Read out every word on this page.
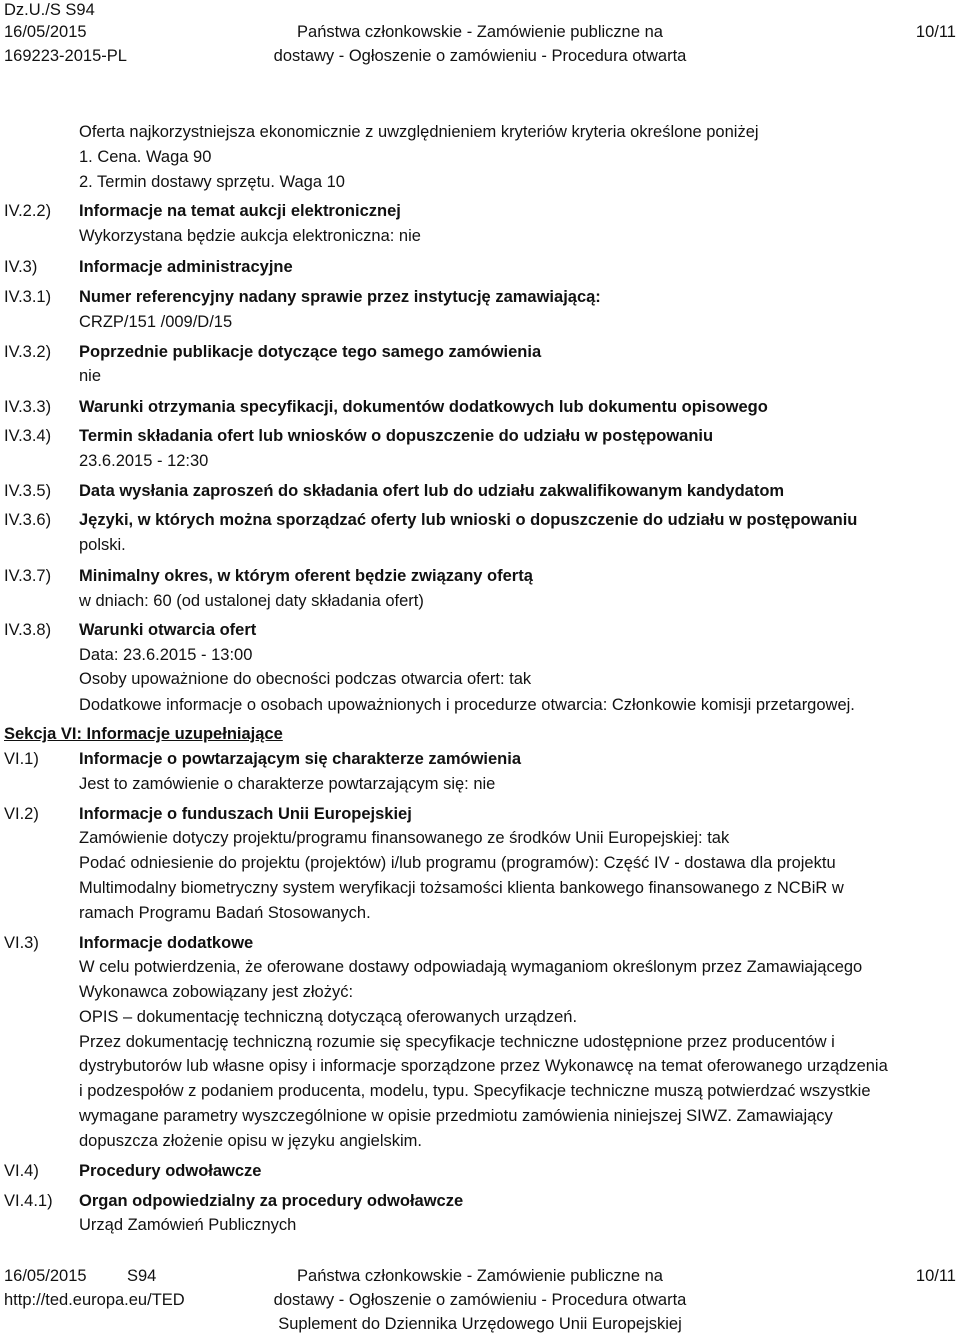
Dz.U./S S94
16/05/2015
169223-2015-PL
Państwa członkowskie - Zamówienie publiczne na
dostawy - Ogłoszenie o zamówieniu - Procedura otwarta
10/11
Oferta najkorzystniejsza ekonomicznie z uwzględnieniem kryteriów kryteria określone poniżej
1. Cena. Waga 90
2. Termin dostawy sprzętu. Waga 10
IV.2.2) Informacje na temat aukcji elektronicznej
Wykorzystana będzie aukcja elektroniczna: nie
IV.3)	Informacje administracyjne
IV.3.1) Numer referencyjny nadany sprawie przez instytucję zamawiającą:
CRZP/151 /009/D/15
IV.3.2) Poprzednie publikacje dotyczące tego samego zamówienia
nie
IV.3.3) Warunki otrzymania specyfikacji, dokumentów dodatkowych lub dokumentu opisowego
IV.3.4) Termin składania ofert lub wniosków o dopuszczenie do udziału w postępowaniu
23.6.2015 - 12:30
IV.3.5) Data wysłania zaproszeń do składania ofert lub do udziału zakwalifikowanym kandydatom
IV.3.6) Języki, w których można sporządzać oferty lub wnioski o dopuszczenie do udziału w postępowaniu
polski.
IV.3.7) Minimalny okres, w którym oferent będzie związany ofertą
w dniach: 60 (od ustalonej daty składania ofert)
IV.3.8) Warunki otwarcia ofert
Data: 23.6.2015 - 13:00
Osoby upoważnione do obecności podczas otwarcia ofert: tak
Dodatkowe informacje o osobach upoważnionych i procedurze otwarcia: Członkowie komisji przetargowej.
Sekcja VI: Informacje uzupełniające
VI.1) Informacje o powtarzającym się charakterze zamówienia
Jest to zamówienie o charakterze powtarzającym się: nie
VI.2) Informacje o funduszach Unii Europejskiej
Zamówienie dotyczy projektu/programu finansowanego ze środków Unii Europejskiej: tak
Podać odniesienie do projektu (projektów) i/lub programu (programów): Część IV - dostawa dla projektu
Multimodalny biometryczny system weryfikacji tożsamości klienta bankowego finansowanego z NCBiR w
ramach Programu Badań Stosowanych.
VI.3) Informacje dodatkowe
W celu potwierdzenia, że oferowane dostawy odpowiadają wymaganiom określonym przez Zamawiającego
Wykonawca zobowiązany jest złożyć:
OPIS – dokumentację techniczną dotyczącą oferowanych urządzeń.
Przez dokumentację techniczną rozumie się specyfikacje techniczne udostępnione przez producentów i
dystrybutorów lub własne opisy i informacje sporządzone przez Wykonawcę na temat oferowanego urządzenia
i podzespołów z podaniem producenta, modelu, typu. Specyfikacje techniczne muszą potwierdzać wszystkie
wymagane parametry wyszczególnione w opisie przedmiotu zamówienia niniejszej SIWZ. Zamawiający
dopuszcza złożenie opisu w języku angielskim.
VI.4) Procedury odwoławcze
VI.4.1) Organ odpowiedzialny za procedury odwoławcze
Urząd Zamówień Publicznych
16/05/2015 S94
http://ted.europa.eu/TED
Państwa członkowskie - Zamówienie publiczne na
dostawy - Ogłoszenie o zamówieniu - Procedura otwarta
Suplement do Dziennika Urzędowego Unii Europejskiej
10/11
